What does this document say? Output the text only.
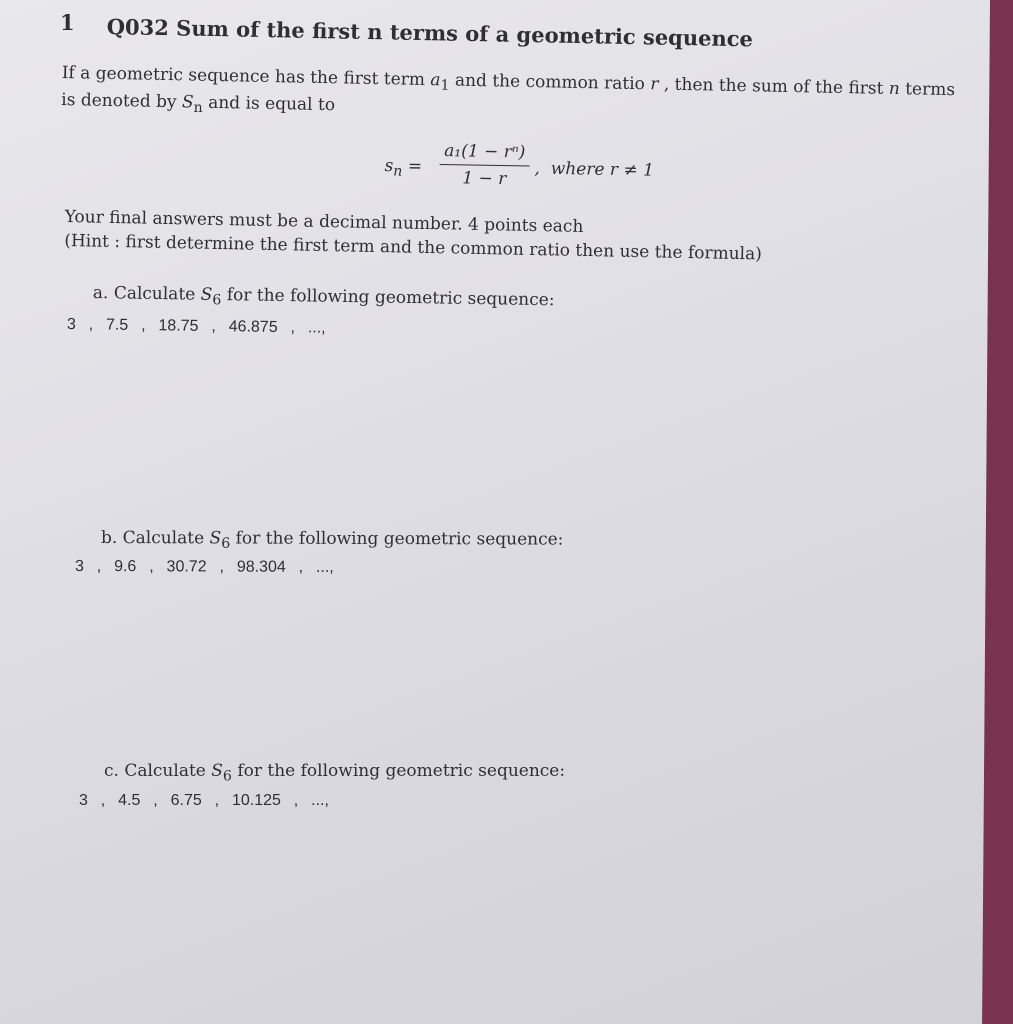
1 Q032 Sum of the first n terms of a geometric sequence
If a geometric sequence has the first term $a_1$ and the common ratio r , then the sum of the first n terms
is denoted by $S_n$ and is equal to
$s_n$ =
a₁(1 − rⁿ)
1 − r	, where r ≠ 1
Your final answers must be a decimal number. 4 points each
(Hint : first determine the first term and the common ratio then use the formula)
a. Calculate $S_6$ for the following geometric sequence:
3  ,  7.5  ,  18.75  ,  46.875  ,  ...,
b. Calculate $S_6$ for the following geometric sequence:
3  ,  9.6  ,  30.72  ,  98.304  ,  ...,
c. Calculate $S_6$ for the following geometric sequence:
3  ,  4.5  ,  6.75  ,  10.125  ,  ...,
